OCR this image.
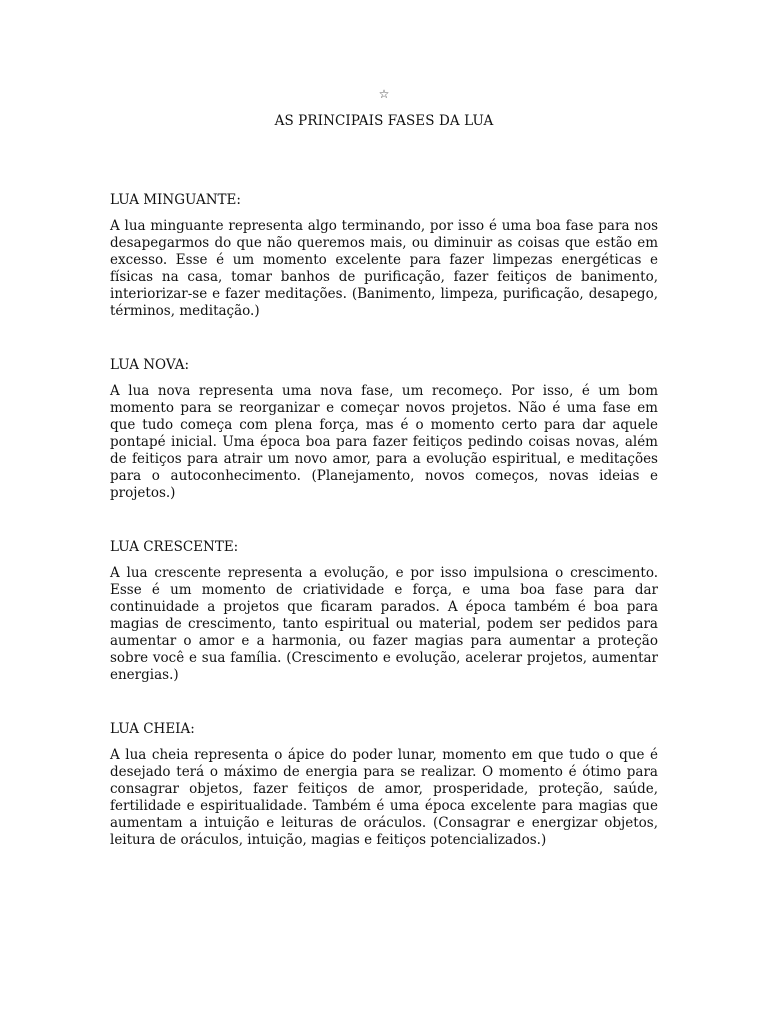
☆
AS PRINCIPAIS FASES DA LUA
LUA MINGUANTE:

A lua minguante representa algo terminando, por isso é uma boa fase para nos desapegarmos do que não queremos mais, ou diminuir as coisas que estão em excesso. Esse é um momento excelente para fazer limpezas energéticas e físicas na casa, tomar banhos de purificação, fazer feitiços de banimento, interiorizar-se e fazer meditações. (Banimento, limpeza, purificação, desapego, términos, meditação.)

LUA NOVA:

A lua nova representa uma nova fase, um recomeço. Por isso, é um bom momento para se reorganizar e começar novos projetos. Não é uma fase em que tudo começa com plena força, mas é o momento certo para dar aquele pontapé inicial. Uma época boa para fazer feitiços pedindo coisas novas, além de feitiços para atrair um novo amor, para a evolução espiritual, e meditações para o autoconhecimento. (Planejamento, novos começos, novas ideias e projetos.)

LUA CRESCENTE:

A lua crescente representa a evolução, e por isso impulsiona o crescimento. Esse é um momento de criatividade e força, e uma boa fase para dar continuidade a projetos que ficaram parados. A época também é boa para magias de crescimento, tanto espiritual ou material, podem ser pedidos para aumentar o amor e a harmonia, ou fazer magias para aumentar a proteção sobre você e sua família. (Crescimento e evolução, acelerar projetos, aumentar energias.)

LUA CHEIA:

A lua cheia representa o ápice do poder lunar, momento em que tudo o que é desejado terá o máximo de energia para se realizar. O momento é ótimo para consagrar objetos, fazer feitiços de amor, prosperidade, proteção, saúde, fertilidade e espiritualidade. Também é uma época excelente para magias que aumentam a intuição e leituras de oráculos. (Consagrar e energizar objetos, leitura de oráculos, intuição, magias e feitiços potencializados.)
